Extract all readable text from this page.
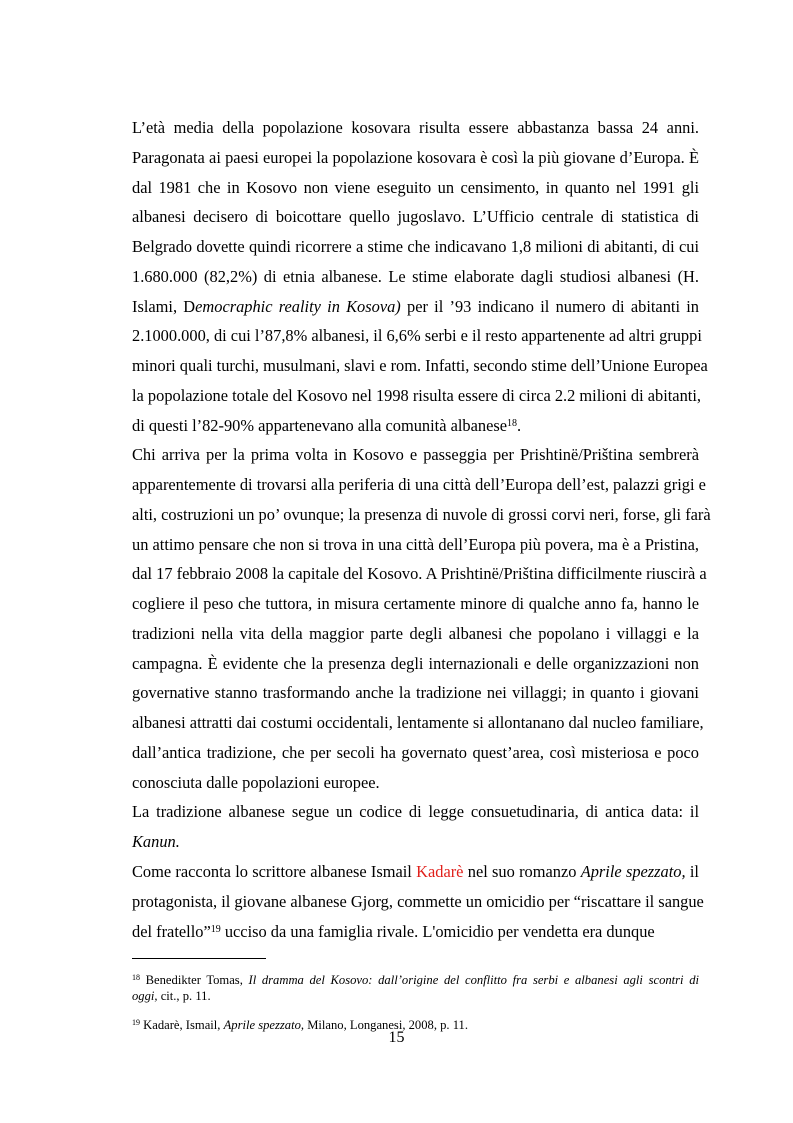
L’età media della popolazione kosovara risulta essere abbastanza bassa 24 anni.
Paragonata ai paesi europei la popolazione kosovara è così la più giovane d’Europa. È
dal 1981 che in Kosovo non viene eseguito un censimento, in quanto nel 1991 gli
albanesi decisero di boicottare quello jugoslavo. L’Ufficio centrale di statistica di
Belgrado dovette quindi ricorrere a stime che indicavano 1,8 milioni di abitanti, di cui
1.680.000 (82,2%) di etnia albanese. Le stime elaborate dagli studiosi albanesi (H.
Islami, Democraphic reality in Kosova) per il ’93 indicano il numero di abitanti in
2.1000.000, di cui l’87,8% albanesi, il 6,6% serbi e il resto appartenente ad altri gruppi
minori quali turchi, musulmani, slavi e rom. Infatti, secondo stime dell’Unione Europea
la popolazione totale del Kosovo nel 1998 risulta essere di circa 2.2 milioni di abitanti,
di questi l’82-90% appartenevano alla comunità albanese$^{18}$.
Chi arriva per la prima volta in Kosovo e passeggia per Prishtinë/Priština sembrerà
apparentemente di trovarsi alla periferia di una città dell’Europa dell’est, palazzi grigi e
alti, costruzioni un po’ ovunque; la presenza di nuvole di grossi corvi neri, forse, gli farà
un attimo pensare che non si trova in una città dell’Europa più povera, ma è a Pristina,
dal 17 febbraio 2008 la capitale del Kosovo. A Prishtinë/Priština difficilmente riuscirà a
cogliere il peso che tuttora, in misura certamente minore di qualche anno fa, hanno le
tradizioni nella vita della maggior parte degli albanesi che popolano i villaggi e la
campagna. È evidente che la presenza degli internazionali e delle organizzazioni non
governative stanno trasformando anche la tradizione nei villaggi; in quanto i giovani
albanesi attratti dai costumi occidentali, lentamente si allontanano dal nucleo familiare,
dall’antica tradizione, che per secoli ha governato quest’area, così misteriosa e poco
conosciuta dalle popolazioni europee.
La tradizione albanese segue un codice di legge consuetudinaria, di antica data: il
Kanun.
Come racconta lo scrittore albanese Ismail Kadarè nel suo romanzo Aprile spezzato, il
protagonista, il giovane albanese Gjorg, commette un omicidio per “riscattare il sangue
del fratello”$^{19}$ ucciso da una famiglia rivale. L'omicidio per vendetta era dunque
$^{18}$ Benedikter Tomas, Il dramma del Kosovo: dall’origine del conflitto fra serbi e albanesi agli scontri di
oggi, cit., p. 11.
$^{19}$ Kadarè, Ismail, Aprile spezzato, Milano, Longanesi, 2008, p. 11.
15
